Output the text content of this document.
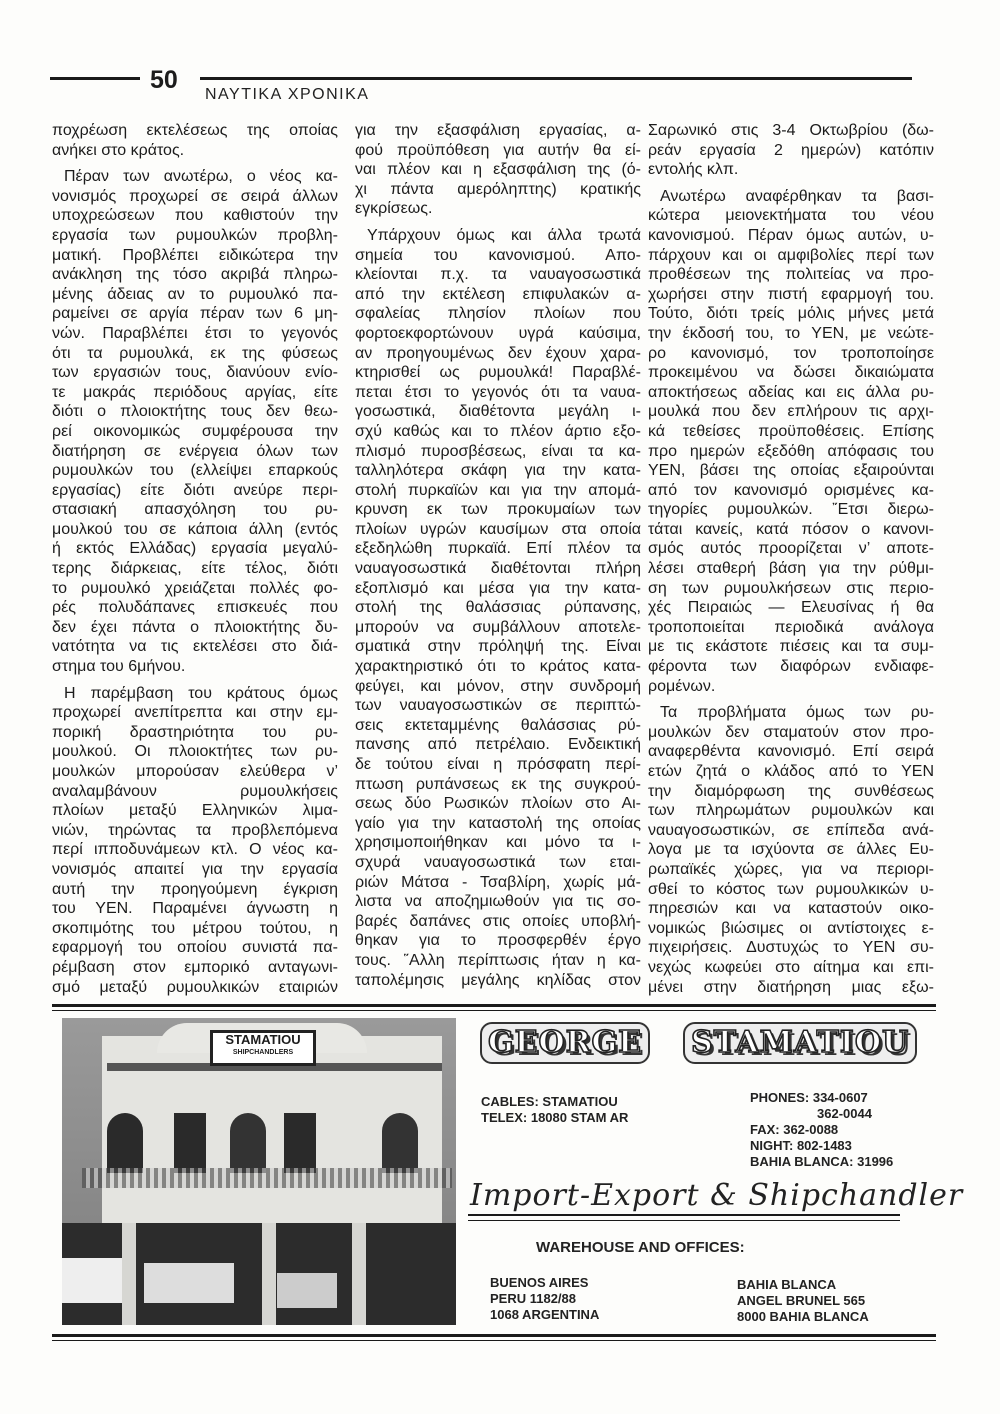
50
ΝΑΥΤΙΚΑ ΧΡΟΝΙΚΑ
ποχρέωση εκτελέσεως της οποίας
ανήκει στο κράτος.
Πέραν των ανωτέρω, ο νέος κα-
νονισμός προχωρεί σε σειρά άλλων
υποχρεώσεων που καθιστούν την
εργασία των ρυμουλκών προβλη-
ματική. Προβλέπει ειδικώτερα την
ανάκληση της τόσο ακριβά πληρω-
μένης άδειας αν το ρυμουλκό πα-
ραμείνει σε αργία πέραν των 6 μη-
νών. Παραβλέπει έτσι το γεγονός
ότι τα ρυμουλκά, εκ της φύσεως
των εργασιών τους, διανύουν ενίο-
τε μακράς περιόδους αργίας, είτε
διότι ο πλοιοκτήτης τους δεν θεω-
ρεί οικονομικώς συμφέρουσα την
διατήρηση σε ενέργεια όλων των
ρυμουλκών του (ελλείψει επαρκούς
εργασίας) είτε διότι ανεύρε περι-
στασιακή απασχόληση του ρυ-
μουλκού του σε κάποια άλλη (εντός
ή εκτός Ελλάδας) εργασία μεγαλύ-
τερης διάρκειας, είτε τέλος, διότι
το ρυμουλκό χρειάζεται πολλές φο-
ρές πολυδάπανες επισκευές που
δεν έχει πάντα ο πλοιοκτήτης δυ-
νατότητα να τις εκτελέσει στο διά-
στημα του 6μήνου.
Η παρέμβαση του κράτους όμως
προχωρεί ανεπίτρεπτα και στην εμ-
πορική δραστηριότητα του ρυ-
μουλκού. Οι πλοιοκτήτες των ρυ-
μουλκών μπορούσαν ελεύθερα ν’
αναλαμβάνουν ρυμουλκήσεις
πλοίων μεταξύ Ελληνικών λιμα-
νιών, τηρώντας τα προβλεπόμενα
περί ιπποδυνάμεων κτλ. Ο νέος κα-
νονισμός απαιτεί για την εργασία
αυτή την προηγούμενη έγκριση
του ΥΕΝ. Παραμένει άγνωστη η
σκοπιμότης του μέτρου τούτου, η
εφαρμογή του οποίου συνιστά πα-
ρέμβαση στον εμπορικό ανταγωνι-
σμό μεταξύ ρυμουλκικών εταιριών
για την εξασφάλιση εργασίας, α-
φού προϋπόθεση για αυτήν θα εί-
ναι πλέον και η εξασφάλιση της (ό-
χι πάντα αμερόληπτης) κρατικής
εγκρίσεως.
Υπάρχουν όμως και άλλα τρωτά
σημεία του κανονισμού. Απο-
κλείονται π.χ. τα ναυαγοσωστικά
από την εκτέλεση επιφυλακών α-
σφαλείας πλησίον πλοίων που
φορτοεκφορτώνουν υγρά καύσιμα,
αν προηγουμένως δεν έχουν χαρα-
κτηρισθεί ως ρυμουλκά! Παραβλέ-
πεται έτσι το γεγονός ότι τα ναυα-
γοσωστικά, διαθέτοντα μεγάλη ι-
σχύ καθώς και το πλέον άρτιο εξο-
πλισμό πυροσβέσεως, είναι τα κα-
ταλληλότερα σκάφη για την κατα-
στολή πυρκαϊών και για την απομά-
κρυνση εκ των προκυμαίων των
πλοίων υγρών καυσίμων στα οποία
εξεδηλώθη πυρκαϊά. Επί πλέον τα
ναυαγοσωστικά διαθέτονται πλήρη
εξοπλισμό και μέσα για την κατα-
στολή της θαλάσσιας ρύπανσης,
μπορούν να συμβάλλουν αποτελε-
σματικά στην πρόληψή της. Είναι
χαρακτηριστικό ότι το κράτος κατα-
φεύγει, και μόνον, στην συνδρομή
των ναυαγοσωστικών σε περιπτώ-
σεις εκτεταμμένης θαλάσσιας ρύ-
πανσης από πετρέλαιο. Ενδεικτική
δε τούτου είναι η πρόσφατη περί-
πτωση ρυπάνσεως εκ της συγκρού-
σεως δύο Ρωσικών πλοίων στο Αι-
γαίο για την καταστολή της οποίας
χρησιμοποιήθηκαν και μόνο τα ι-
σχυρά ναυαγοσωστικά των εται-
ριών Μάτσα - Τσαβλίρη, χωρίς μά-
λιστα να αποζημιωθούν για τις σο-
βαρές δαπάνες στις οποίες υποβλή-
θηκαν για το προσφερθέν έργο
τους. ῞Αλλη περίπτωσις ήταν η κα-
ταπολέμησις μεγάλης κηλίδας στον
Σαρωνικό στις 3-4 Οκτωβρίου (δω-
ρεάν εργασία 2 ημερών) κατόπιν
εντολής κλπ.
Ανωτέρω αναφέρθηκαν τα βασι-
κώτερα μειονεκτήματα του νέου
κανονισμού. Πέραν όμως αυτών, υ-
πάρχουν και οι αμφιβολίες περί των
προθέσεων της πολιτείας να προ-
χωρήσει στην πιστή εφαρμογή του.
Τούτο, διότι τρείς μόλις μήνες μετά
την έκδοσή του, το ΥΕΝ, με νεώτε-
ρο κανονισμό, τον τροποποίησε
προκειμένου να δώσει δικαιώματα
αποκτήσεως αδείας και εις άλλα ρυ-
μουλκά που δεν επλήρουν τις αρχι-
κά τεθείσες προϋποθέσεις. Επίσης
προ ημερών εξεδόθη απόφασις του
ΥΕΝ, βάσει της οποίας εξαιρούνται
από τον κανονισμό ορισμένες κα-
τηγορίες ρυμουλκών. ῎Ετσι διερω-
τάται κανείς, κατά πόσον ο κανονι-
σμός αυτός προορίζεται ν’ αποτε-
λέσει σταθερή βάση για την ρύθμι-
ση των ρυμουλκήσεων στις περιο-
χές Πειραιώς — Ελευσίνας ή θα
τροποποιείται περιοδικά ανάλογα
με τις εκάστοτε πιέσεις και τα συμ-
φέροντα των διαφόρων ενδιαφε-
ρομένων.
Τα προβλήματα όμως των ρυ-
μουλκών δεν σταματούν στον προ-
αναφερθέντα κανονισμό. Επί σειρά
ετών ζητά ο κλάδος από το ΥΕΝ
την διαμόρφωση της συνθέσεως
των πληρωμάτων ρυμουλκών και
ναυαγοσωστικών, σε επίπεδα ανά-
λογα με τα ισχύοντα σε άλλες Ευ-
ρωπαϊκές χώρες, για να περιορι-
σθεί το κόστος των ρυμουλκικών υ-
πηρεσιών και να καταστούν οικο-
νομικώς βιώσιμες οι αντίστοιχες ε-
πιχειρήσεις. Δυστυχώς το ΥΕΝ συ-
νεχώς κωφεύει στο αίτημα και επι-
μένει στην διατήρηση μιας εξω-
STAMATIOU
SHIPCHANDLERS	GEORGE STAMATIOU
CABLES: STAMATIOU
TELEX: 18080 STAM AR
PHONES: 334-0607
362-0044
FAX: 362-0088
NIGHT: 802-1483
BAHIA BLANCA: 31996
Import-Export & Shipchandler
WAREHOUSE AND OFFICES:
BUENOS AIRES
PERU 1182/88
1068 ARGENTINA
BAHIA BLANCA
ANGEL BRUNEL 565
8000 BAHIA BLANCA
